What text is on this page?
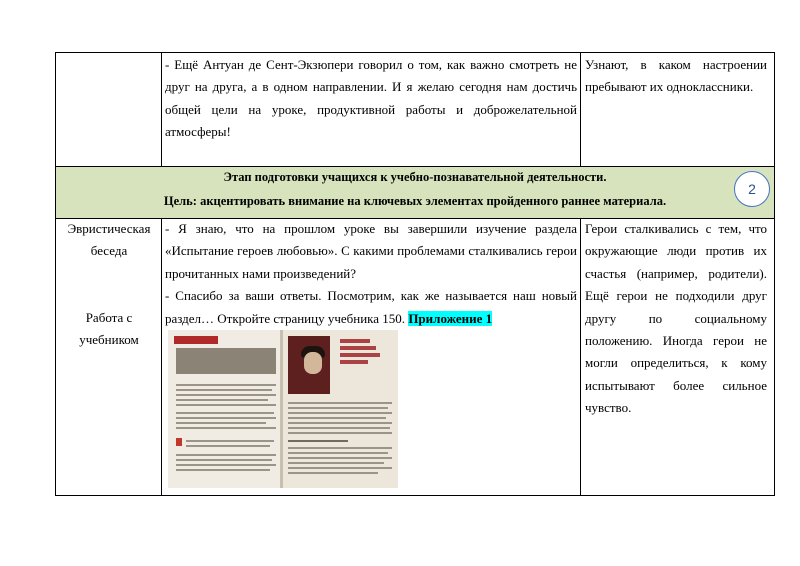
- Ещё Антуан де Сент-Экзюпери говорил о том, как важно смотреть не друг на друга, а в одном направлении. И я желаю сегодня нам достичь общей цели на уроке, продуктивной работы и доброжелательной атмосферы!

Узнают, в каком настроении пребывают их одноклассники.

Этап подготовки учащихся к учебно-познавательной деятельности.
Цель: акцентировать внимание на ключевых элементах пройденного раннее материала.
2
Эвристическая беседа
Работа с учебником

- Я знаю, что на прошлом уроке вы завершили изучение раздела «Испытание героев любовью». С какими проблемами сталкивались герои прочитанных нами произведений?

- Спасибо за ваши ответы. Посмотрим, как же называется наш новый раздел… Откройте страницу учебника 150. Приложение 1

Герои сталкивались с тем, что окружающие люди против их счастья (например, родители). Ещё герои не подходили друг другу по социальному положению. Иногда герои не могли определиться, к кому испытывают более сильное чувство.
